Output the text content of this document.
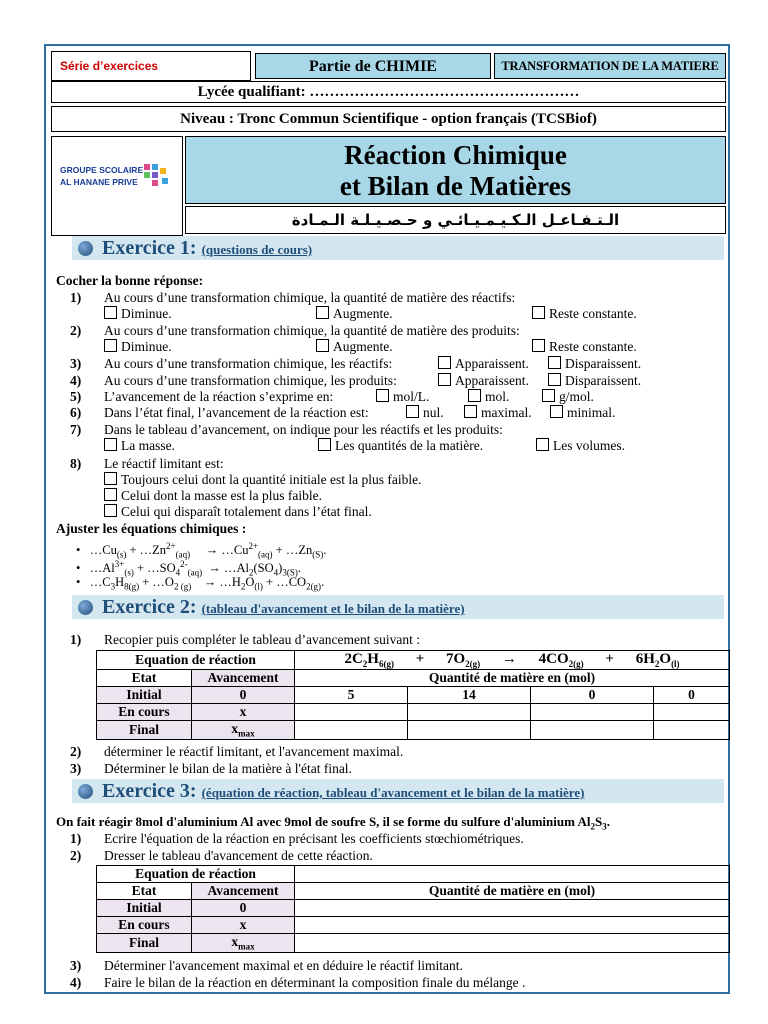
Série d’exercices	Partie de CHIMIE	TRANSFORMATION DE LA MATIERE
Lycée qualifiant: ………………………………………………
Niveau : Tronc Commun Scientifique - option français (TCSBiof)
GROUPE SCOLAIRE
AL HANANE PRIVE
Réaction Chimique
et Bilan de Matières
الـتـفـاعـل الـكـيـمـيـائـي و حـصـيـلـة الـمـادة
Exercice 1: (questions de cours)
Cocher la bonne réponse:
1) Au cours d’une transformation chimique, la quantité de matière des réactifs:
Diminue.	Augmente.	Reste constante.
2) Au cours d’une transformation chimique, la quantité de matière des produits:
Diminue.	Augmente.	Reste constante.
3) Au cours d’une transformation chimique, les réactifs:	Apparaissent.	Disparaissent.
4) Au cours d’une transformation chimique, les produits:	Apparaissent.	Disparaissent.
5) L’avancement de la réaction s’exprime en:	mol/L.	mol.	g/mol.
6) Dans l’état final, l’avancement de la réaction est:	nul.	maximal.	minimal.
7) Dans le tableau d’avancement, on indique pour les réactifs et les produits:
La masse.	Les quantités de la matière.	Les volumes.
8) Le réactif limitant est:
Toujours celui dont la quantité initiale est la plus faible.
Celui dont la masse est la plus faible.
Celui qui disparaît totalement dans l’état final.
Ajuster les équations chimiques :
•   $\dots Cu_{(s)}$ + $\dots Zn^{2+}_{(aq)}$     → $\dots Cu^{2+}_{(aq)}$ + $\dots Zn_{(S)}$.
•   $\dots Al^{3+}_{(s)}$ + $\dots SO_4^{2-}_{(aq)}$  → $\dots Al_2(SO_4)_{3(S)}$.
•   $\dots C_3H_{8(g)}$ + $\dots O_{2 (g)}$    → $\dots H_2O_{(l)}$ + $\dots CO_{2(g)}$.
Exercice 2: (tableau d'avancement et le bilan de la matière)
1) Recopier puis compléter le tableau d’avancement suivant :
Equation de réaction		$2C_2H_{6(g)} + 7O_{2(g)} \to 4CO_{2(g)} + 6H_2O_{(l)}$
Etat	Avancement	Quantité de matière en (mol)			
Initial	0	5	14	0	0
En cours	x				
Final	$x_{max}$				
2) déterminer le réactif limitant, et l'avancement maximal.
3) Déterminer le bilan de la matière à l'état final.
Exercice 3: (équation de réaction, tableau d'avancement et le bilan de la matière)
On fait réagir 8mol d'aluminium Al avec 9mol de soufre S, il se forme du sulfure d'aluminium $Al_2S_3$.
1) Ecrire l'équation de la réaction en précisant les coefficients stœchiométriques.
2) Dresser le tableau d'avancement de cette réaction.
Equation de réaction		
Etat	Avancement	Quantité de matière en (mol)
Initial	0	
En cours	x	
Final	$x_{max}$	
3) Déterminer l'avancement maximal et en déduire le réactif limitant.
4) Faire le bilan de la réaction en déterminant la composition finale du mélange .
